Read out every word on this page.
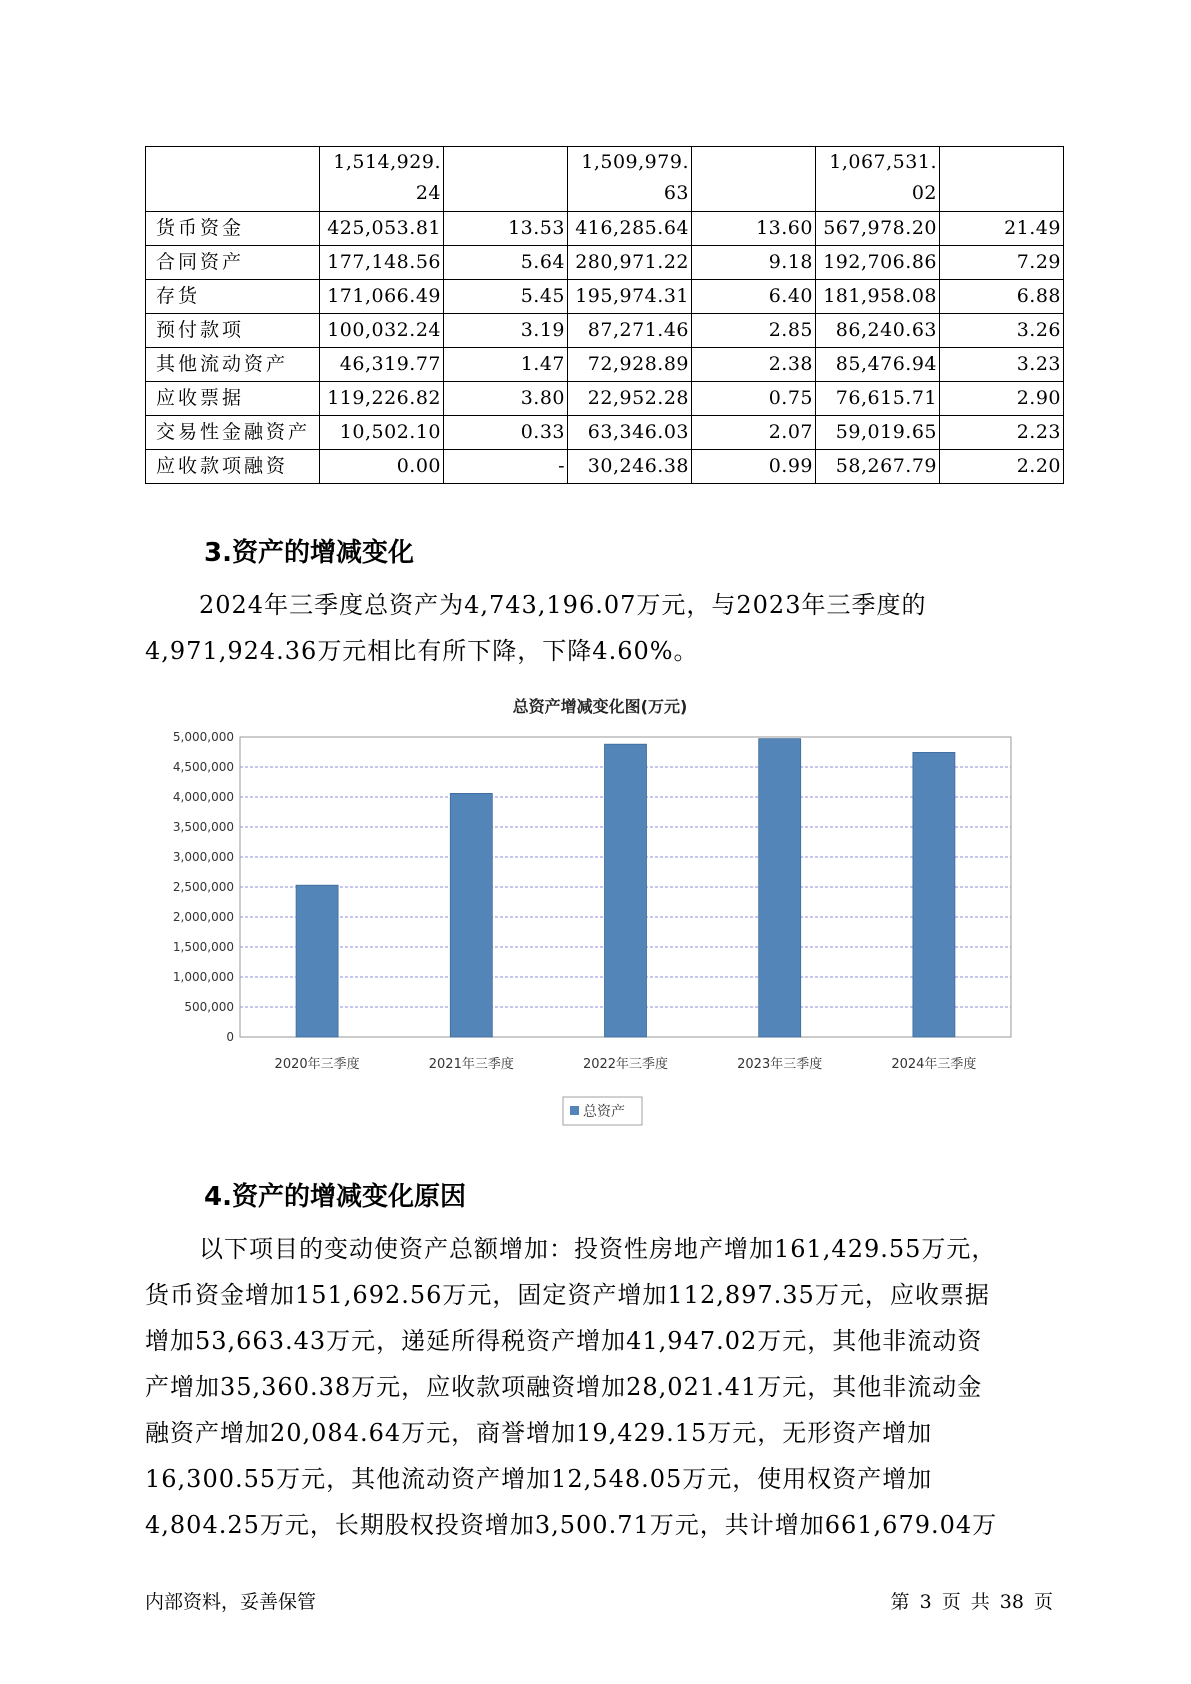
	1,514,929.24		1,509,979.63		1,067,531.02	
货币资金	425,053.81	13.53	416,285.64	13.60	567,978.20	21.49
合同资产	177,148.56	5.64	280,971.22	9.18	192,706.86	7.29
存货	171,066.49	5.45	195,974.31	6.40	181,958.08	6.88
预付款项	100,032.24	3.19	87,271.46	2.85	86,240.63	3.26
其他流动资产	46,319.77	1.47	72,928.89	2.38	85,476.94	3.23
应收票据	119,226.82	3.80	22,952.28	0.75	76,615.71	2.90
交易性金融资产	10,502.10	0.33	63,346.03	2.07	59,019.65	2.23
应收款项融资	0.00	-	30,246.38	0.99	58,267.79	2.20
3.资产的增减变化

2024年三季度总资产为4,743,196.07万元，与2023年三季度的
4,971,924.36万元相比有所下降，下降4.60%。

总资产增减变化图(万元)
0
500,000
1,000,000
1,500,000
2,000,000
2,500,000
3,000,000
3,500,000
4,000,000
4,500,000
5,000,000
2020年三季度	2021年三季度	2022年三季度	2023年三季度	2024年三季度
总资产
4.资产的增减变化原因

以下项目的变动使资产总额增加：投资性房地产增加161,429.55万元，
货币资金增加151,692.56万元，固定资产增加112,897.35万元，应收票据
增加53,663.43万元，递延所得税资产增加41,947.02万元，其他非流动资
产增加35,360.38万元，应收款项融资增加28,021.41万元，其他非流动金
融资产增加20,084.64万元，商誉增加19,429.15万元，无形资产增加
16,300.55万元，其他流动资产增加12,548.05万元，使用权资产增加
4,804.25万元，长期股权投资增加3,500.71万元，共计增加661,679.04万

内部资料，妥善保管	第 3 页 共 38 页
